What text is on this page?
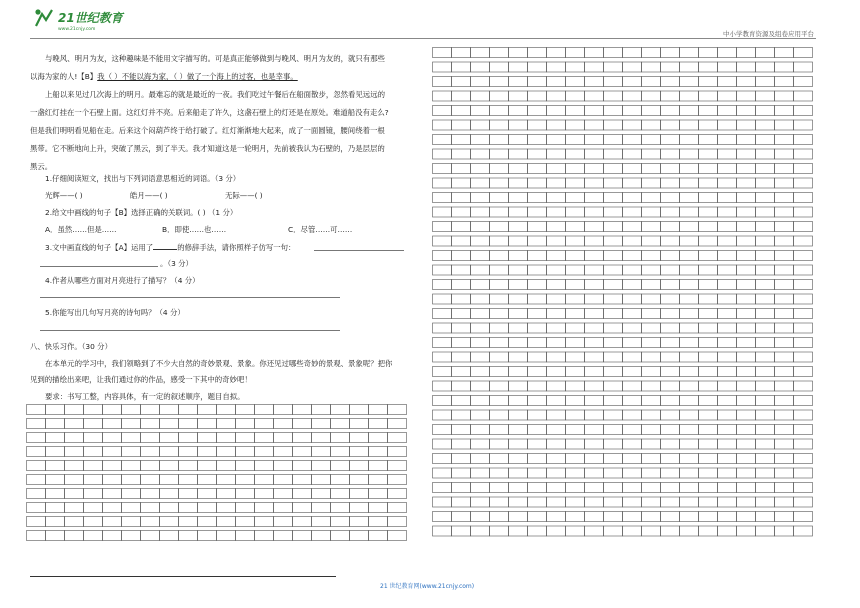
21世纪教育
www.21cnjy.com
中小学教育资源及组卷应用平台
与晚风、明月为友，这种趣味是不能用文字描写的。可是真正能够做到与晚风、明月为友的，就只有那些
以海为家的人!【B】我（ ）不能以海为家，（ ）做了一个海上的过客，也是幸事。
上船以来见过几次海上的明月。最难忘的就是最近的一夜。我们吃过午餐后在船面散步，忽然看见远远的
一盏红灯挂在一个石壁上面。这红灯并不亮。后来船走了许久，这盏石壁上的灯还是在原处。难道船没有走么?
但是我们明明看见船在走。后来这个闷葫芦终于给打破了。红灯渐渐地大起来，成了一面圆镜，腰间绕着一根
黑带。它不断地向上升，突破了黑云，到了半天。我才知道这是一轮明月，先前被我认为石壁的，乃是层层的
黑云。
1.仔细阅读短文，找出与下列词语意思相近的词语。（3 分）
光辉——( )	皓月——( )	无际——( )
2.给文中画线的句子【B】选择正确的关联词。( ) （1 分）
A．虽然……但是……	B．即使……也……	C．尽管……可……
3.文中画直线的句子【A】运用了	的修辞手法，请你照样子仿写一句：
。（3 分）
4.作者从哪些方面对月亮进行了描写？（4 分）
5.你能写出几句写月亮的诗句吗？（4 分）
八、快乐习作。（30 分）
在本单元的学习中，我们领略到了不少大自然的奇妙景观、景象。你还见过哪些奇妙的景观、景象呢？把你
见到的描绘出来吧，让我们通过你的作品，感受一下其中的奇妙吧！
要求：书写工整，内容具体，有一定的叙述顺序，题目自拟。
21 世纪教育网(www.21cnjy.com)
